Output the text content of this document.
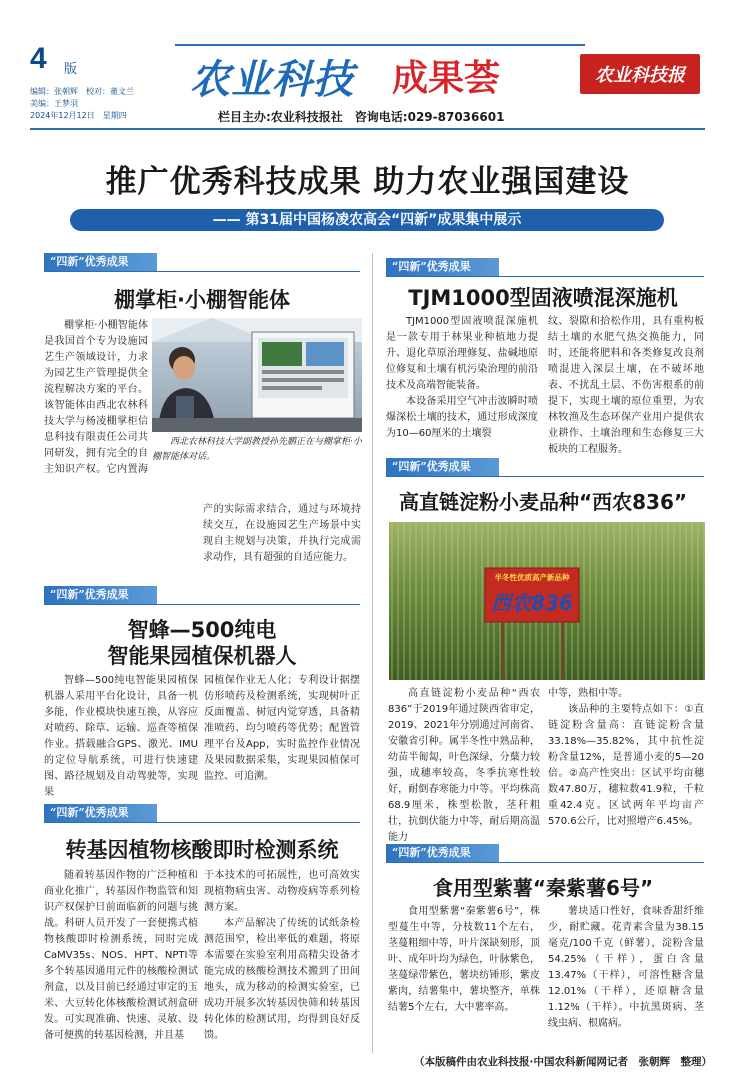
4 版
编辑：张朝辉　校对：董文兰
美编：王梦羽
2024年12月12日　星期四
农业科技 成果荟	农业科技报
栏目主办:农业科技报社　咨询电话:029-87036601
推广优秀科技成果 助力农业强国建设
—— 第31届中国杨凌农高会“四新”成果集中展示
“四新”优秀成果
棚掌柜·小棚智能体

棚掌柜·小棚智能体是我国首个专为设施园艺生产领域设计，力求为园艺生产管理提供全流程解决方案的平台。该智能体由西北农林科技大学与杨凌棚掌柜信息科技有限责任公司共同研发，拥有完全的自主知识产权。它内置海

西北农林科技大学副教授孙先鹏正在与棚掌柜·小棚智能体对话。

产的实际需求结合，通过与环境持续交互，在设施园艺生产场景中实现自主规划与决策，并执行完成需求动作，具有超强的自适应能力。

“四新”优秀成果
智蜂—500纯电
智能果园植保机器人

智蜂—500纯电智能果园植保机器人采用平台化设计，具备一机多能，作业模块快速互换，从容应对喷药、除草、运输、巡查等植保作业。搭载融合GPS、激光、IMU的定位导航系统，可进行快速建图、路径规划及自动驾驶等，实现果

园植保作业无人化；专利设计据摆仿形喷药及检测系统，实现树叶正反面覆盖、树冠内觉穿透，具备精准喷药、均匀喷药等优势；配置管理平台及App，实时监控作业情况及果园数据采集，实现果园植保可监控、可追溯。

“四新”优秀成果
转基因植物核酸即时检测系统

随着转基因作物的广泛种植和商业化推广，转基因作物监管和知识产权保护日前面临新的问题与挑战。科研人员开发了一套便携式植物核酸即时检测系统，同时完成CaMV35s、NOS、HPT、NPTI等多个转基因通用元件的核酸检测试剂盒，以及目前已经通过审定的玉米、大豆转化体核酸检测试剂盒研发。可实现准确、快速、灵敏、设备可便携的转基因检测，并且基

于本技术的可拓展性，也可高效实现植物病虫害、动物疫病等系列检测方案。

本产品解决了传统的试纸条检测范围窄，检出率低的难题，将原本需要在实验室利用高精尖设备才能完成的核酸检测技术搬到了田间地头，成为移动的检测实验室，已成功开展多次转基因快筛和转基因转化体的检测试用，均得到良好反馈。

“四新”优秀成果
TJM1000型固液喷混深施机

TJM1000型固液喷混深施机是一款专用于林果业种植地力提升、退化草原治理修复、盐碱地原位修复和土壤有机污染治理的前沿技术及高端智能装备。

本设备采用空气冲击波瞬时喷爆深松土壤的技术，通过形成深度为10—60厘米的土壤裂

纹、裂隙和拾松作用，具有重构板结土壤的水肥气热交换能力，同时，还能将肥料和各类修复改良剂喷混进入深层土壤，在不破坏地表、不扰乱土层、不伤害根系的前提下，实现土壤的原位重塑，为农林牧渔及生态环保产业用户提供农业耕作、土壤治理和生态修复三大板块的工程服务。

“四新”优秀成果
高直链淀粉小麦品种“西农836”
半冬性优质高产新品种
西农836

高直链淀粉小麦品种“西农836”于2019年通过陕西省审定，2019、2021年分别通过河南省、安徽省引种。属半冬性中熟品种，幼苗半匍匐，叶色深绿，分蘖力较强，成穗率较高，冬季抗寒性较好，耐倒春寒能力中等。平均株高68.9厘米，株型松散，茎秆粗壮，抗倒伏能力中等，耐后期高温能力

中等，熟相中等。

该品种的主要特点如下：①直链淀粉含量高：直链淀粉含量33.18%—35.82%，其中抗性淀粉含量12%，是普通小麦的5—20倍。②高产性突出：区试平均亩穗数47.80万，穗粒数41.9粒，千粒重42.4克。区试两年平均亩产570.6公斤，比对照增产6.45%。

“四新”优秀成果
食用型紫薯“秦紫薯6号”

食用型紫薯“秦紫薯6号”，株型蔓生中等，分枝数11个左右，茎蔓粗细中等，叶片深缺刻形，顶叶、成年叶均为绿色，叶脉紫色，茎蔓绿带紫色，薯块纺锤形，紫皮紫肉，结薯集中，薯块整齐，单株结薯5个左右，大中薯率高。

薯块适口性好，食味香甜纤维少，耐贮藏。花青素含量为38.15毫克/100千克（鲜薯），淀粉含量54.25%（干样），蛋白含量13.47%（干样），可溶性糖含量12.01%（干样），还原糖含量1.12%（干样）。中抗黑斑病、茎线虫病、根腐病。

（本版稿件由农业科技报·中国农科新闻网记者　张朝辉　整理）
